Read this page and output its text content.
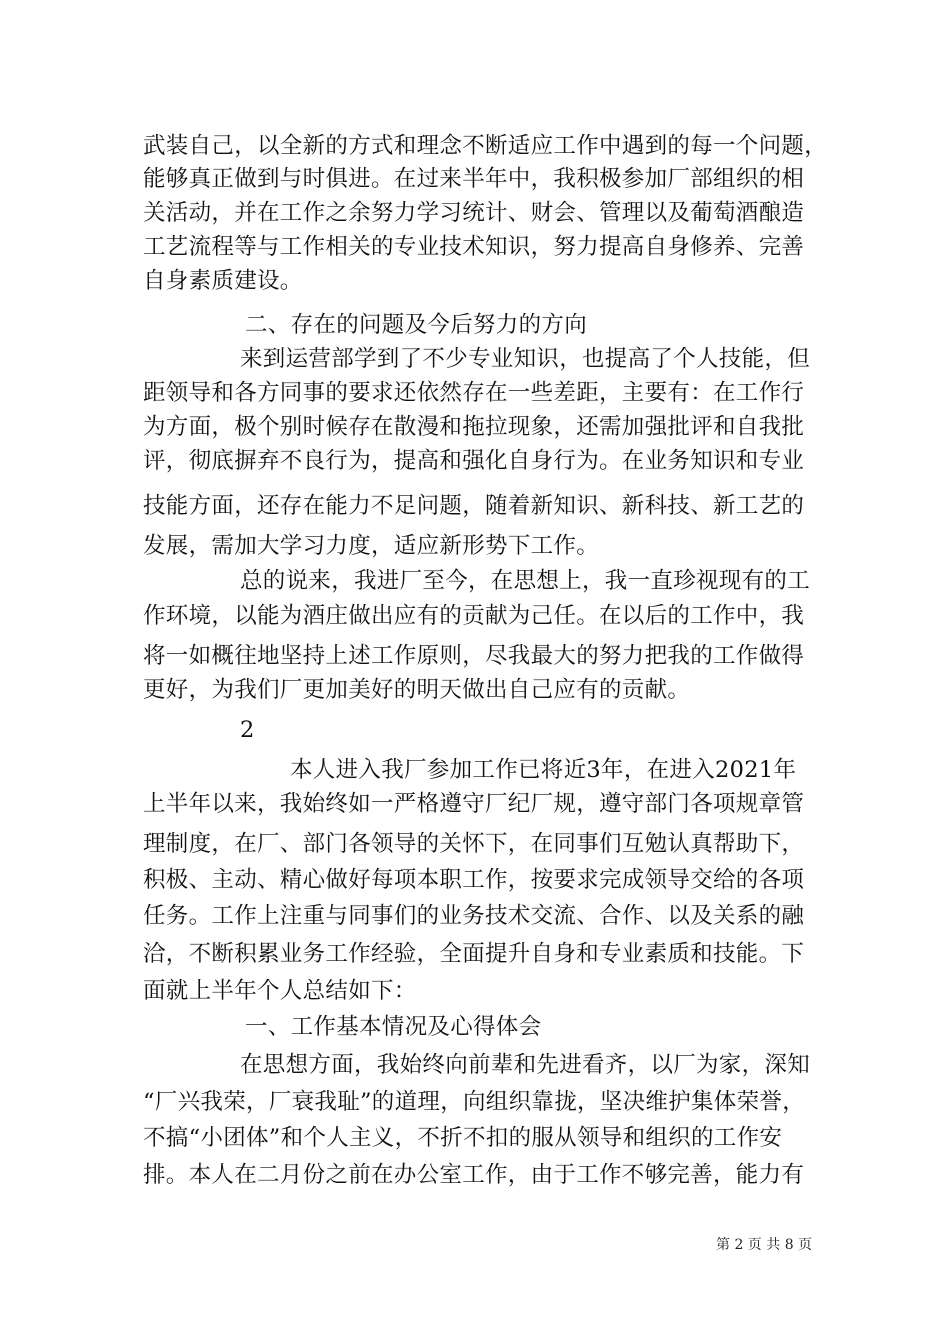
武装自己，以全新的方式和理念不断适应工作中遇到的每一个问题，
能够真正做到与时俱进。在过来半年中，我积极参加厂部组织的相
关活动，并在工作之余努力学习统计、财会、管理以及葡萄酒酿造
工艺流程等与工作相关的专业技术知识，努力提高自身修养、完善
自身素质建设。
二、存在的问题及今后努力的方向
来到运营部学到了不少专业知识，也提高了个人技能，但
距领导和各方同事的要求还依然存在一些差距，主要有：在工作行
为方面，极个别时候存在散漫和拖拉现象，还需加强批评和自我批
评，彻底摒弃不良行为，提高和强化自身行为。在业务知识和专业
技能方面，还存在能力不足问题，随着新知识、新科技、新工艺的
发展，需加大学习力度，适应新形势下工作。
总的说来，我进厂至今，在思想上，我一直珍视现有的工
作环境，以能为酒庄做出应有的贡献为己任。在以后的工作中，我
将一如概往地坚持上述工作原则，尽我最大的努力把我的工作做得
更好，为我们厂更加美好的明天做出自己应有的贡献。
2
本人进入我厂参加工作已将近3年，在进入2021年
上半年以来，我始终如一严格遵守厂纪厂规，遵守部门各项规章管
理制度，在厂、部门各领导的关怀下，在同事们互勉认真帮助下，
积极、主动、精心做好每项本职工作，按要求完成领导交给的各项
任务。工作上注重与同事们的业务技术交流、合作、以及关系的融
洽，不断积累业务工作经验，全面提升自身和专业素质和技能。下
面就上半年个人总结如下：
一、工作基本情况及心得体会
在思想方面，我始终向前辈和先进看齐，以厂为家，深知
“厂兴我荣，厂衰我耻”的道理，向组织靠拢，坚决维护集体荣誉，
不搞“小团体”和个人主义，不折不扣的服从领导和组织的工作安
排。本人在二月份之前在办公室工作，由于工作不够完善，能力有
第 2 页 共 8 页
